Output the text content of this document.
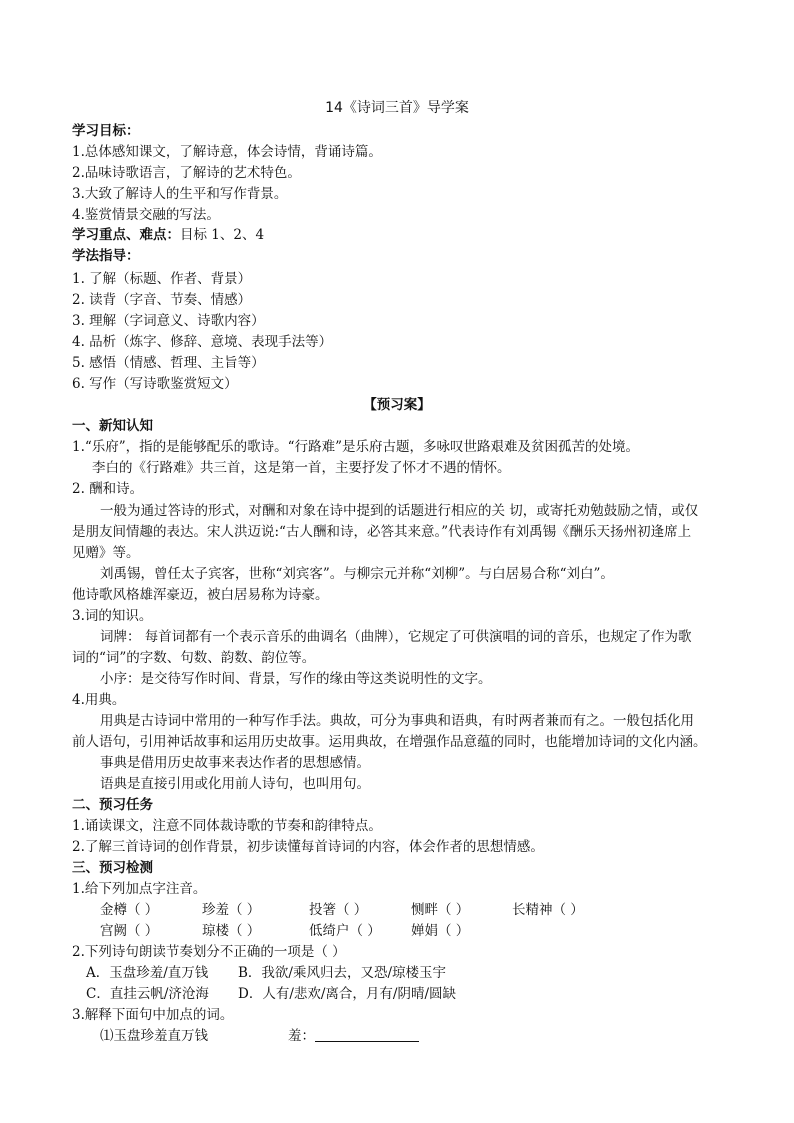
14《诗词三首》导学案
学习目标：
1.总体感知课文，了解诗意，体会诗情，背诵诗篇。
2.品味诗歌语言，了解诗的艺术特色。
3.大致了解诗人的生平和写作背景。
4.鉴赏情景交融的写法。
学习重点、难点：目标 1、2、4
学法指导：
1. 了解（标题、作者、背景）
2. 读背（字音、节奏、情感）
3. 理解（字词意义、诗歌内容）
4. 品析（炼字、修辞、意境、表现手法等）
5. 感悟（情感、哲理、主旨等）
6. 写作（写诗歌鉴赏短文）
【预习案】
一、新知认知
1.“乐府”，指的是能够配乐的歌诗。“行路难”是乐府古题，多咏叹世路艰难及贫困孤苦的处境。
李白的《行路难》共三首，这是第一首，主要抒发了怀才不遇的情怀。
2. 酬和诗。
一般为通过答诗的形式，对酬和对象在诗中提到的话题进行相应的关 切，或寄托劝勉鼓励之情，或仅
是朋友间情趣的表达。宋人洪迈说:“古人酬和诗，必答其来意。”代表诗作有刘禹锡《酬乐天扬州初逢席上
见赠》等。
刘禹锡，曾任太子宾客，世称“刘宾客”。与柳宗元并称“刘柳”。与白居易合称“刘白”。
他诗歌风格雄浑豪迈，被白居易称为诗豪。
3.词的知识。
词牌： 每首词都有一个表示音乐的曲调名（曲牌），它规定了可供演唱的词的音乐，也规定了作为歌
词的“词”的字数、句数、韵数、韵位等。
小序：是交待写作时间、背景，写作的缘由等这类说明性的文字。
4.用典。
用典是古诗词中常用的一种写作手法。典故，可分为事典和语典，有时两者兼而有之。一般包括化用
前人语句，引用神话故事和运用历史故事。运用典故，在增强作品意蕴的同时，也能增加诗词的文化内涵。
事典是借用历史故事来表达作者的思想感情。
语典是直接引用或化用前人诗句，也叫用句。
二、预习任务
1.诵读课文，注意不同体裁诗歌的节奏和韵律特点。
2.了解三首诗词的创作背景，初步读懂每首诗词的内容，体会作者的思想情感。
三、预习检测
1.给下列加点字注音。
金樽（ ）	珍羞（ ）	投箸（ ）	恻畔（ ）	长精神（ ）
宫阙（ ）	琼楼（ ）	低绮户（ ） 婵娟（ ）
2.下列诗句朗读节奏划分不正确的一项是（ ）
A．玉盘珍羞/直万钱 B．我欲/乘风归去，又恐/琼楼玉宇
C．直挂云帆/济沧海 D．人有/悲欢/离合，月有/阴晴/圆缺
3.解释下面句中加点的词。
⑴玉盘珍羞直万钱	羞：
